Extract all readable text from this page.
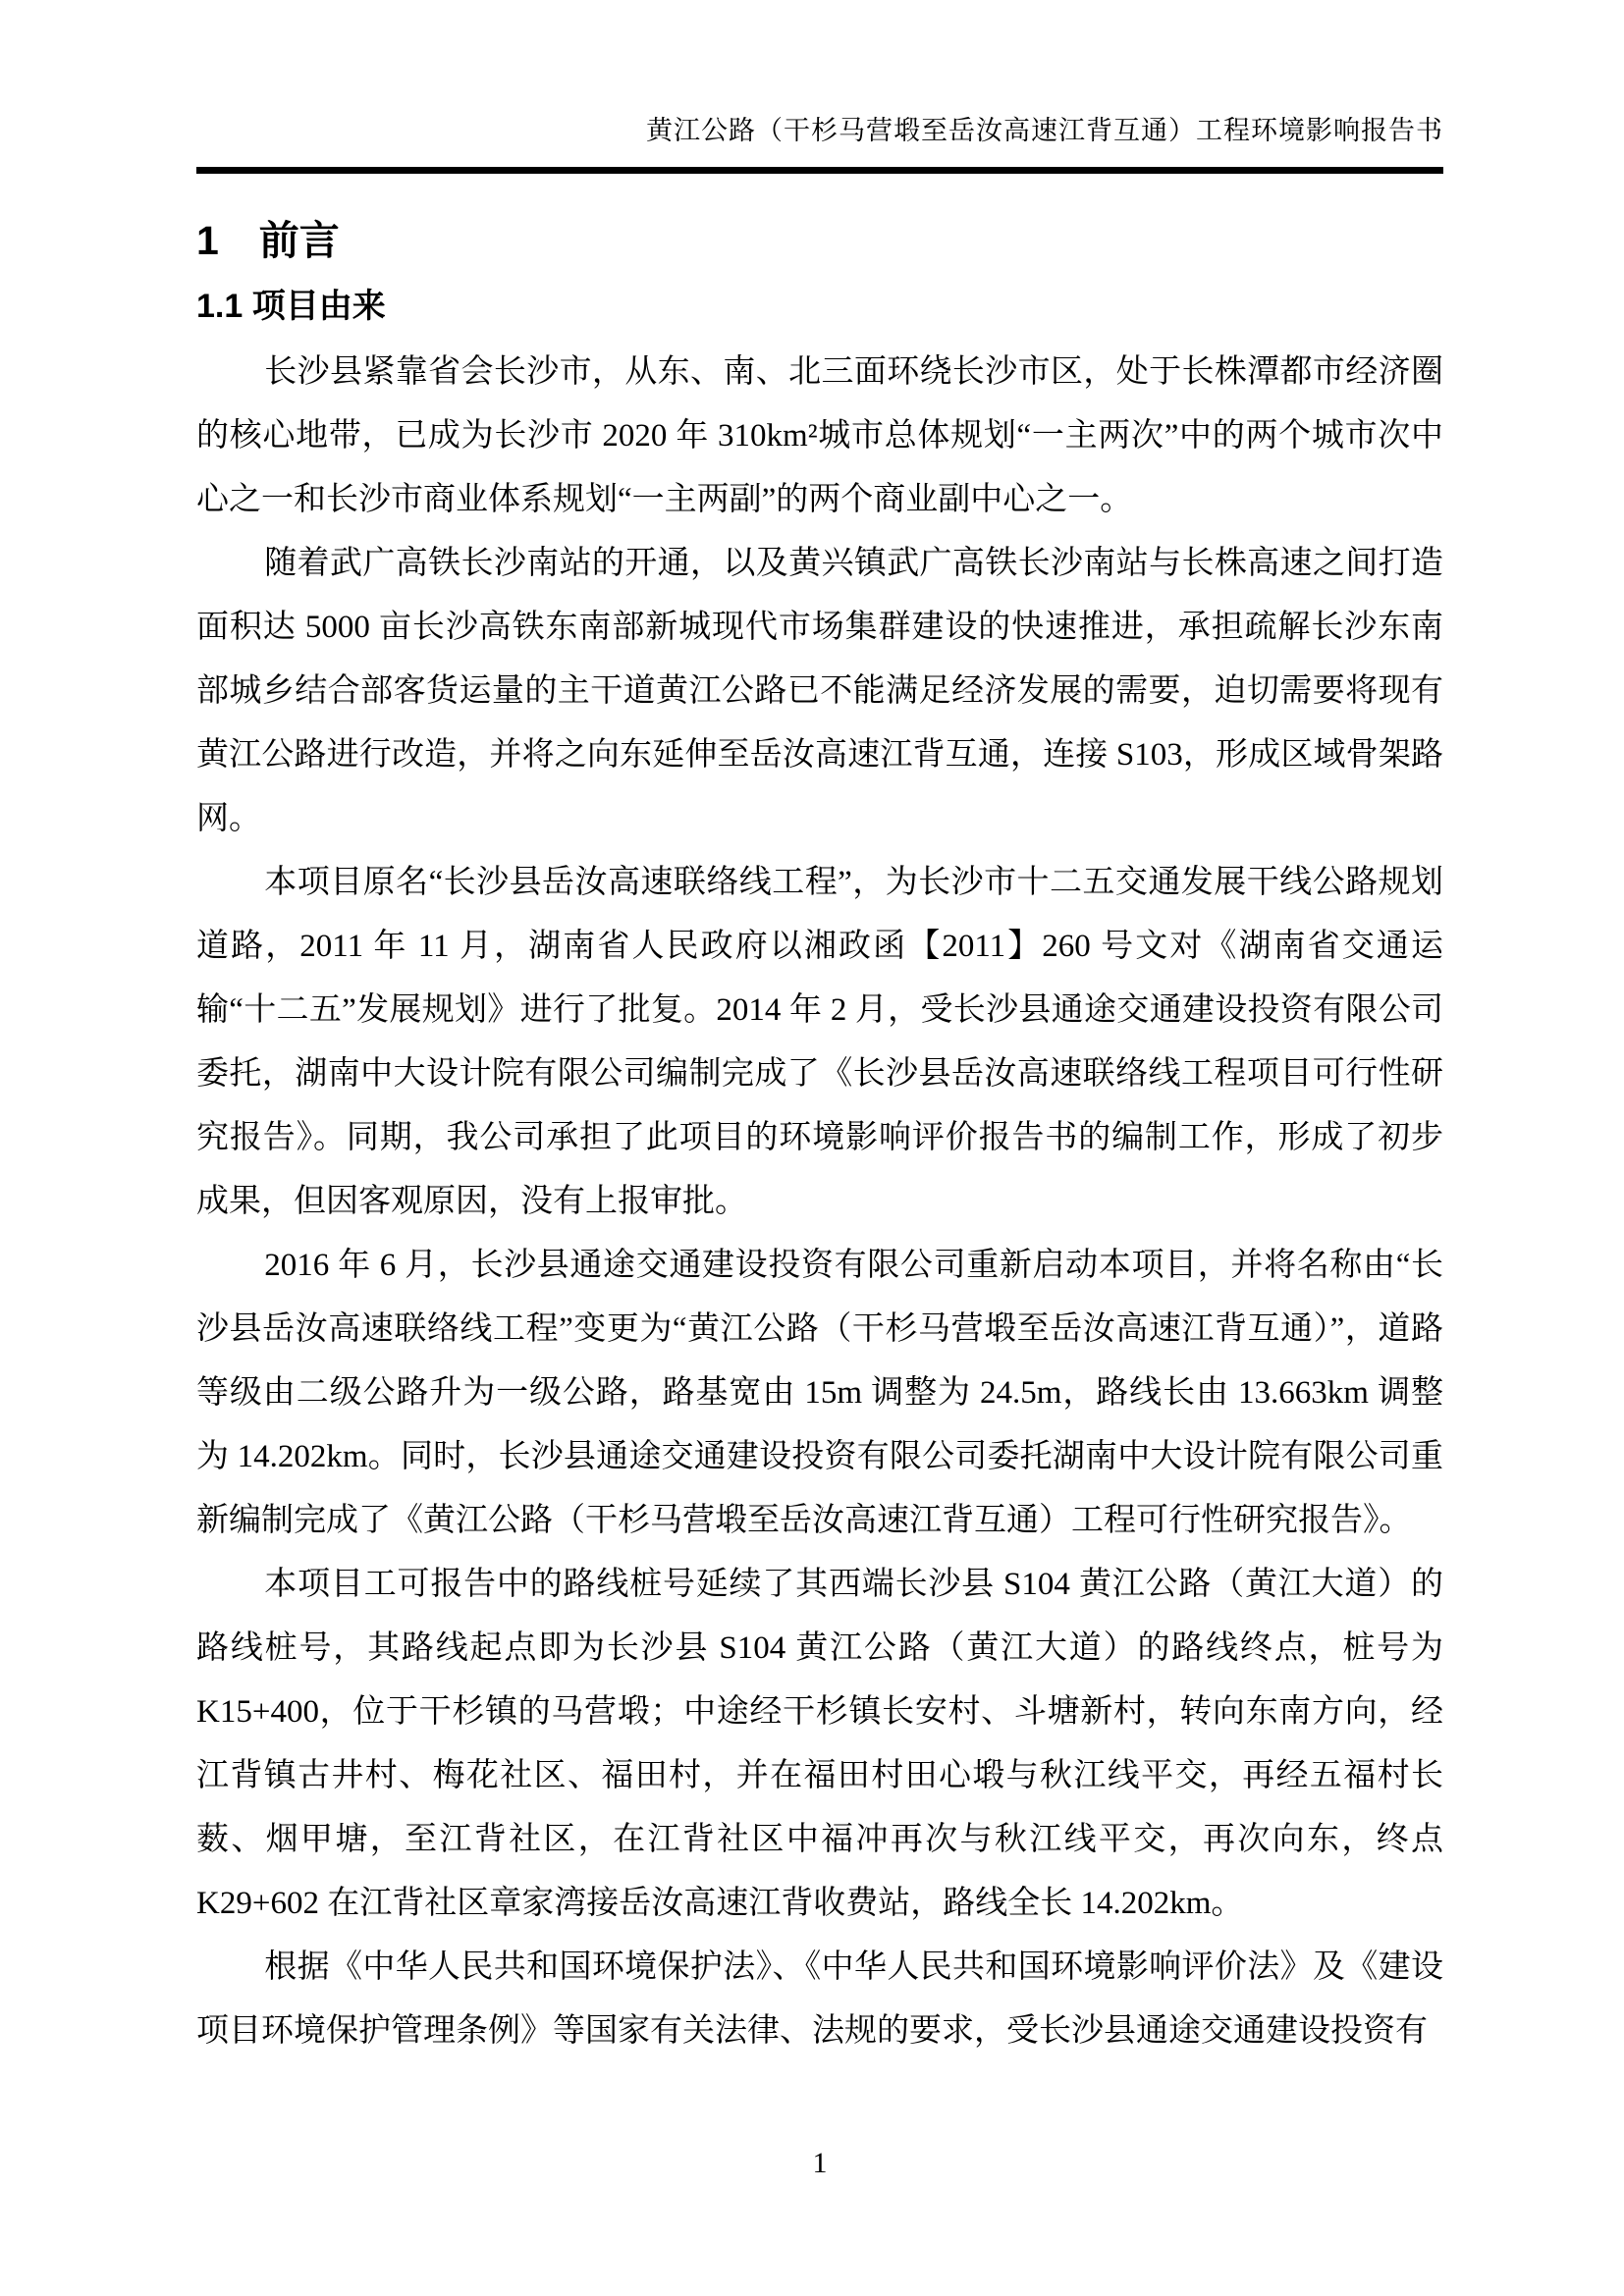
黄江公路（干杉马营塅至岳汝高速江背互通）工程环境影响报告书
1　前言
1.1 项目由来

长沙县紧靠省会长沙市，从东、南、北三面环绕长沙市区，处于长株潭都市经济圈的核心地带，已成为长沙市 2020 年 310km²城市总体规划“一主两次”中的两个城市次中心之一和长沙市商业体系规划“一主两副”的两个商业副中心之一。

随着武广高铁长沙南站的开通，以及黄兴镇武广高铁长沙南站与长株高速之间打造面积达 5000 亩长沙高铁东南部新城现代市场集群建设的快速推进，承担疏解长沙东南部城乡结合部客货运量的主干道黄江公路已不能满足经济发展的需要，迫切需要将现有黄江公路进行改造，并将之向东延伸至岳汝高速江背互通，连接 S103，形成区域骨架路网。

本项目原名“长沙县岳汝高速联络线工程”，为长沙市十二五交通发展干线公路规划道路，2011 年 11 月，湖南省人民政府以湘政函【2011】260 号文对《湖南省交通运输“十二五”发展规划》进行了批复。2014 年 2 月，受长沙县通途交通建设投资有限公司委托，湖南中大设计院有限公司编制完成了《长沙县岳汝高速联络线工程项目可行性研究报告》。同期，我公司承担了此项目的环境影响评价报告书的编制工作，形成了初步成果，但因客观原因，没有上报审批。

2016 年 6 月，长沙县通途交通建设投资有限公司重新启动本项目，并将名称由“长沙县岳汝高速联络线工程”变更为“黄江公路（干杉马营塅至岳汝高速江背互通）”，道路等级由二级公路升为一级公路，路基宽由 15m 调整为 24.5m，路线长由 13.663km 调整为 14.202km。同时，长沙县通途交通建设投资有限公司委托湖南中大设计院有限公司重新编制完成了《黄江公路（干杉马营塅至岳汝高速江背互通）工程可行性研究报告》。

本项目工可报告中的路线桩号延续了其西端长沙县 S104 黄江公路（黄江大道）的路线桩号，其路线起点即为长沙县 S104 黄江公路（黄江大道）的路线终点，桩号为 K15+400，位于干杉镇的马营塅；中途经干杉镇长安村、斗塘新村，转向东南方向，经江背镇古井村、梅花社区、福田村，并在福田村田心塅与秋江线平交，再经五福村长薮、烟甲塘，至江背社区，在江背社区中福冲再次与秋江线平交，再次向东，终点 K29+602 在江背社区章家湾接岳汝高速江背收费站，路线全长 14.202km。

根据《中华人民共和国环境保护法》、《中华人民共和国环境影响评价法》及《建设项目环境保护管理条例》等国家有关法律、法规的要求，受长沙县通途交通建设投资有

1
